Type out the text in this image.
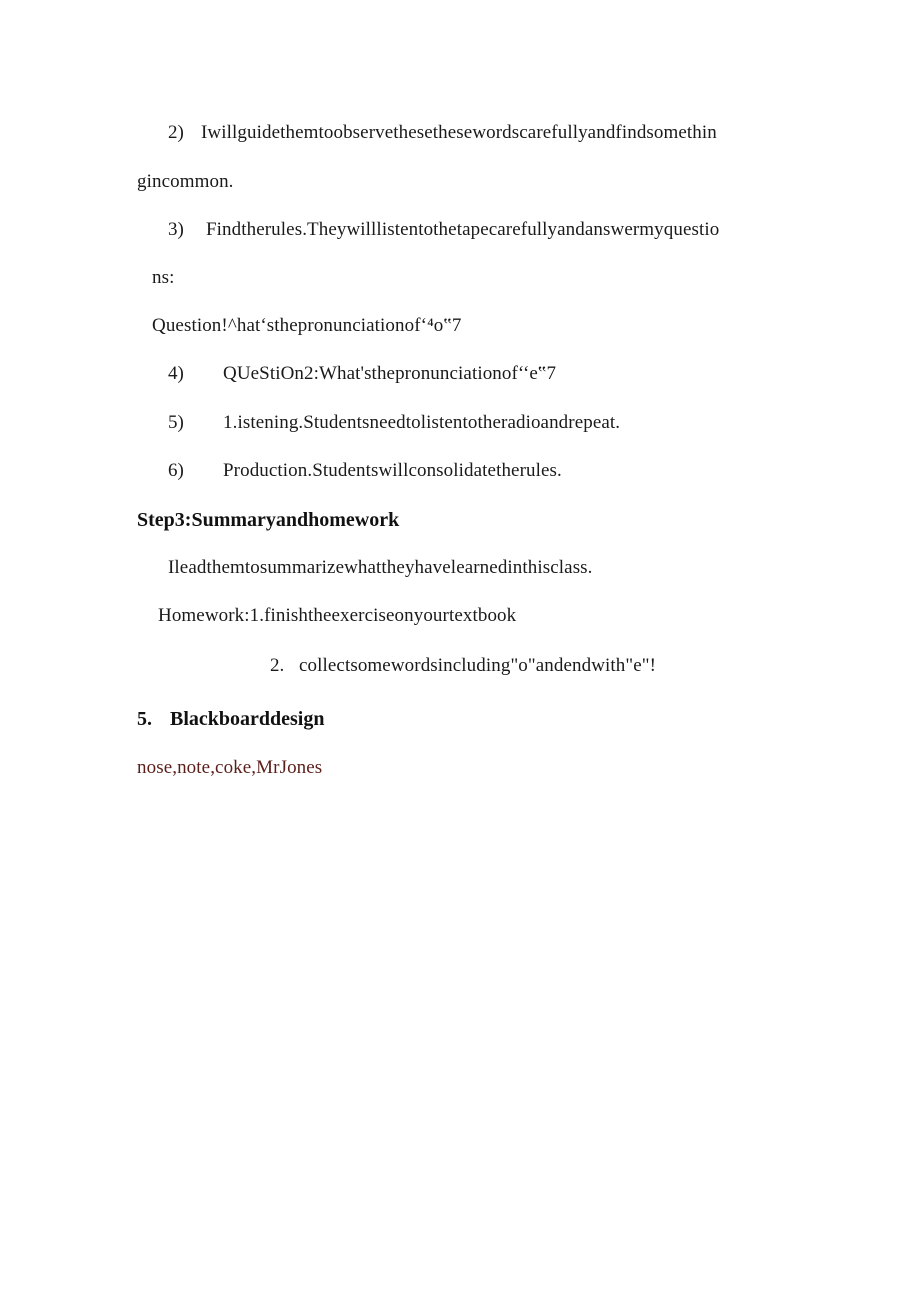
2) Iwillguidethemtoobservethesethesewordscarefullyandfindsomethin
gincommon.
3) Findtherules.Theywilllistentothetapecarefullyandanswermyquestio
ns:
Question!^hat‘sthepronunciationof‘⁴o‟7
4) QUeStiOn2:What'sthepronunciationof‘‘e‟7
5) 1.istening.Studentsneedtolistentotheradioandrepeat.
6) Production.Studentswillconsolidatetherules.
Step3:Summaryandhomework
Ileadthemtosummarizewhattheyhavelearnedinthisclass.
Homework:1.finishtheexerciseonyourtextbook
2. collectsomewordsincluding"o"andendwith"e"!
5. Blackboarddesign
nose,note,coke,MrJones
